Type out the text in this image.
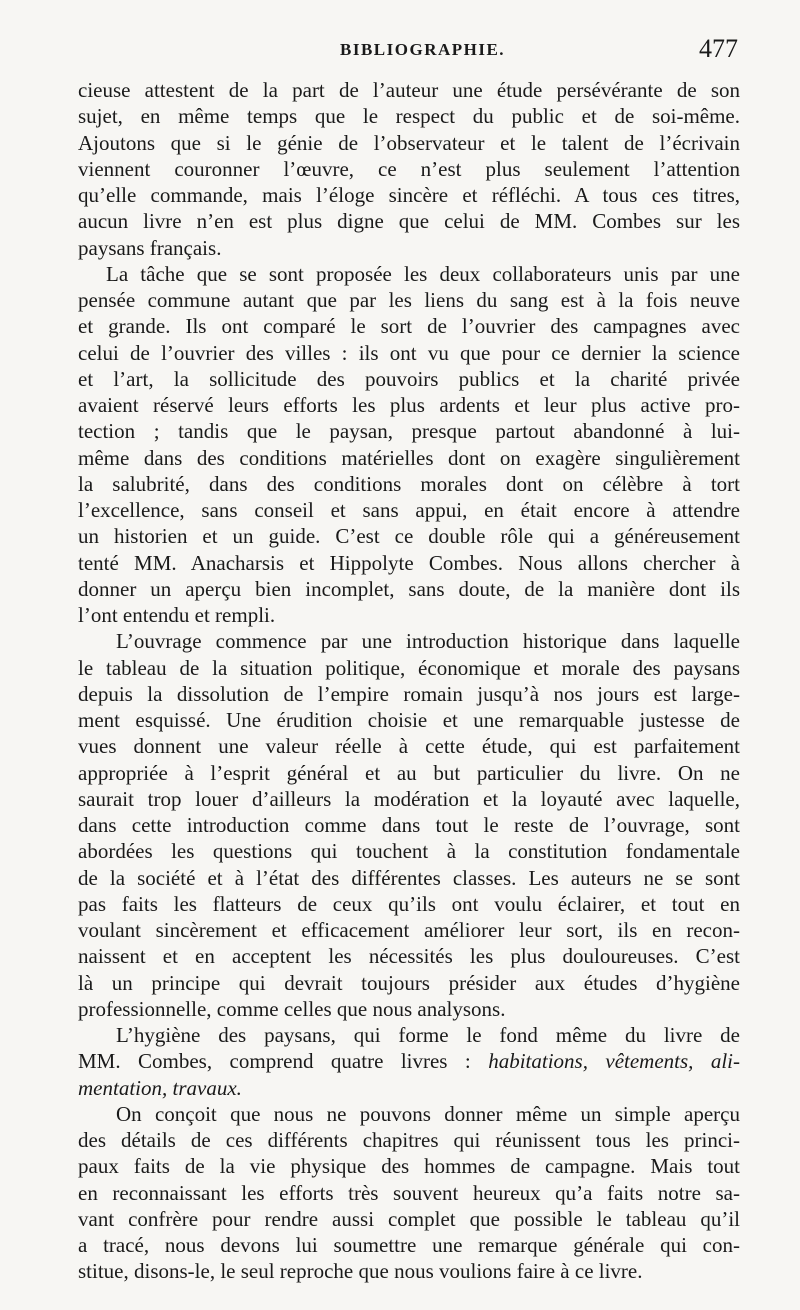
BIBLIOGRAPHIE.	477

cieuse attestent de la part de l’auteur une étude persévérante de son
sujet, en même temps que le respect du public et de soi-même.
Ajoutons que si le génie de l’observateur et le talent de l’écrivain
viennent couronner l’œuvre, ce n’est plus seulement l’attention
qu’elle commande, mais l’éloge sincère et réfléchi. A tous ces titres,
aucun livre n’en est plus digne que celui de MM. Combes sur les
paysans français.

La tâche que se sont proposée les deux collaborateurs unis par une
pensée commune autant que par les liens du sang est à la fois neuve
et grande. Ils ont comparé le sort de l’ouvrier des campagnes avec
celui de l’ouvrier des villes : ils ont vu que pour ce dernier la science
et l’art, la sollicitude des pouvoirs publics et la charité privée
avaient réservé leurs efforts les plus ardents et leur plus active pro-
tection ; tandis que le paysan, presque partout abandonné à lui-
même dans des conditions matérielles dont on exagère singulièrement
la salubrité, dans des conditions morales dont on célèbre à tort
l’excellence, sans conseil et sans appui, en était encore à attendre
un historien et un guide. C’est ce double rôle qui a généreusement
tenté MM. Anacharsis et Hippolyte Combes. Nous allons chercher à
donner un aperçu bien incomplet, sans doute, de la manière dont ils
l’ont entendu et rempli.

L’ouvrage commence par une introduction historique dans laquelle
le tableau de la situation politique, économique et morale des paysans
depuis la dissolution de l’empire romain jusqu’à nos jours est large-
ment esquissé. Une érudition choisie et une remarquable justesse de
vues donnent une valeur réelle à cette étude, qui est parfaitement
appropriée à l’esprit général et au but particulier du livre. On ne
saurait trop louer d’ailleurs la modération et la loyauté avec laquelle,
dans cette introduction comme dans tout le reste de l’ouvrage, sont
abordées les questions qui touchent à la constitution fondamentale
de la société et à l’état des différentes classes. Les auteurs ne se sont
pas faits les flatteurs de ceux qu’ils ont voulu éclairer, et tout en
voulant sincèrement et efficacement améliorer leur sort, ils en recon-
naissent et en acceptent les nécessités les plus douloureuses. C’est
là un principe qui devrait toujours présider aux études d’hygiène
professionnelle, comme celles que nous analysons.

L’hygiène des paysans, qui forme le fond même du livre de
MM. Combes, comprend quatre livres : habitations, vêtements, ali-
mentation, travaux.

On conçoit que nous ne pouvons donner même un simple aperçu
des détails de ces différents chapitres qui réunissent tous les princi-
paux faits de la vie physique des hommes de campagne. Mais tout
en reconnaissant les efforts très souvent heureux qu’a faits notre sa-
vant confrère pour rendre aussi complet que possible le tableau qu’il
a tracé, nous devons lui soumettre une remarque générale qui con-
stitue, disons-le, le seul reproche que nous voulions faire à ce livre.
